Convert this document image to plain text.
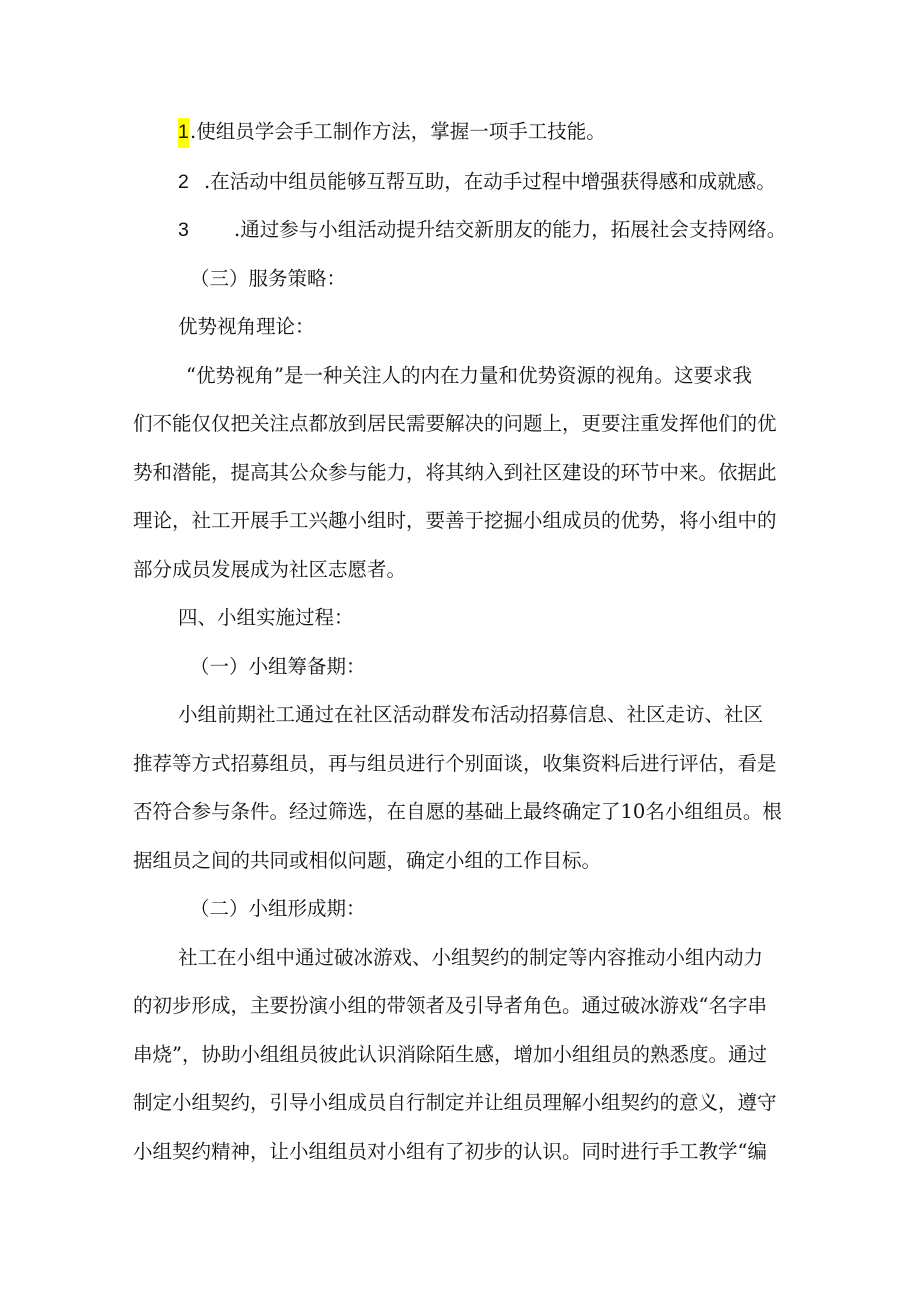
1 .使组员学会手工制作方法，掌握一项手工技能。
2 .在活动中组员能够互帮互助，在动手过程中增强获得感和成就感。
3 .通过参与小组活动提升结交新朋友的能力，拓展社会支持网络。
（三）服务策略：
优势视角理论：
“优势视角”是一种关注人的内在力量和优势资源的视角。这要求我
们不能仅仅把关注点都放到居民需要解决的问题上，更要注重发挥他们的优
势和潜能，提高其公众参与能力，将其纳入到社区建设的环节中来。依据此
理论，社工开展手工兴趣小组时，要善于挖掘小组成员的优势，将小组中的
部分成员发展成为社区志愿者。
四、小组实施过程：
（一）小组筹备期：
小组前期社工通过在社区活动群发布活动招募信息、社区走访、社区
推荐等方式招募组员，再与组员进行个别面谈，收集资料后进行评估，看是
否符合参与条件。经过筛选，在自愿的基础上最终确定了10名小组组员。根
据组员之间的共同或相似问题，确定小组的工作目标。
（二）小组形成期：
社工在小组中通过破冰游戏、小组契约的制定等内容推动小组内动力
的初步形成，主要扮演小组的带领者及引导者角色。通过破冰游戏“名字串
串烧”，协助小组组员彼此认识消除陌生感，增加小组组员的熟悉度。通过
制定小组契约，引导小组成员自行制定并让组员理解小组契约的意义，遵守
小组契约精神，让小组组员对小组有了初步的认识。同时进行手工教学“编
